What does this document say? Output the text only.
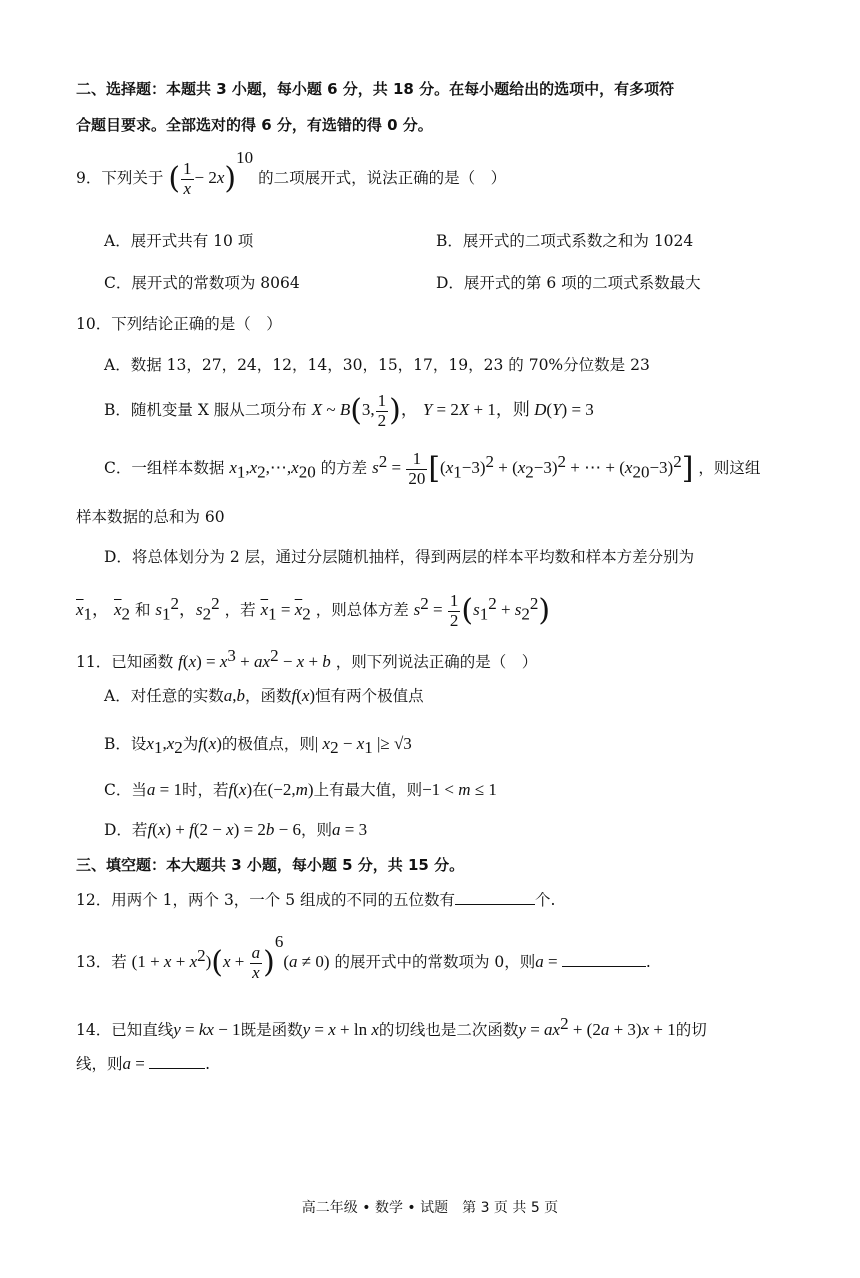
二、选择题：本题共 3 小题，每小题 6 分，共 18 分。在每小题给出的选项中，有多项符
合题目要求。全部选对的得 6 分，有选错的得 0 分。
9．下列关于 ( $\frac{1}{x} - 2x)^{10}$ 的二项展开式，说法正确的是（　）
A．展开式共有 10 项	B．展开式的二项式系数之和为 1024
C．展开式的常数项为 8064	D．展开式的第 6 项的二项式系数最大
10．下列结论正确的是（　）
A．数据 13，27，24，12，14，30，15，17，19，23 的 70%分位数是 23
B．随机变量 X 服从二项分布 X ~ B(3, $\frac{1}{2}$ )， Y = 2X + 1，则 D(Y) = 3
C．一组样本数据 $x_1,x_2,\cdots,x_{20}$ 的方差 $s^2 = \frac{1}{20} [(x_1-3)^2 + (x_2-3)^2$ + ⋯ + $(x_{20}-3)^2$] ，则这组
样本数据的总和为 60
D．将总体划分为 2 层，通过分层随机抽样，得到两层的样本平均数和样本方差分别为
$\overline{x}_1$， $\overline{x}_2$ 和 $s_1^2$，$s_2^2$ ，若 $\overline{x}_1 = \overline{x}_2$ ，则总体方差 $s^2 = \frac{1}{2} (s_1^2 + s_2^2)$
11．已知函数 $f(x) = x^3 + ax^2 - x + b$ ，则下列说法正确的是（　）
A．对任意的实数a,b，函数f(x)恒有两个极值点
B．设$x_1,x_2$为f(x)的极值点，则| $x_2 - x_1$ |≥ √3
C．当a = 1时，若f(x)在(−2,m)上有最大值，则−1 < m ≤ 1
D．若f(x) + f(2 − x) = 2b − 6，则a = 3
三、填空题：本大题共 3 小题，每小题 5 分，共 15 分。
12．用两个 1，两个 3，一个 5 组成的不同的五位数有	个.
13．若 $(1 + x + x^2)(x + \frac{a}{x} )^6(a \ne 0)$ 的展开式中的常数项为 0，则a =	.
14．已知直线y = kx − 1既是函数y = x + ln x的切线也是二次函数$y = ax^2 + (2a + 3)x + 1$的切
线，则a =	.
高二年级 • 数学 • 试题　第 3 页 共 5 页
